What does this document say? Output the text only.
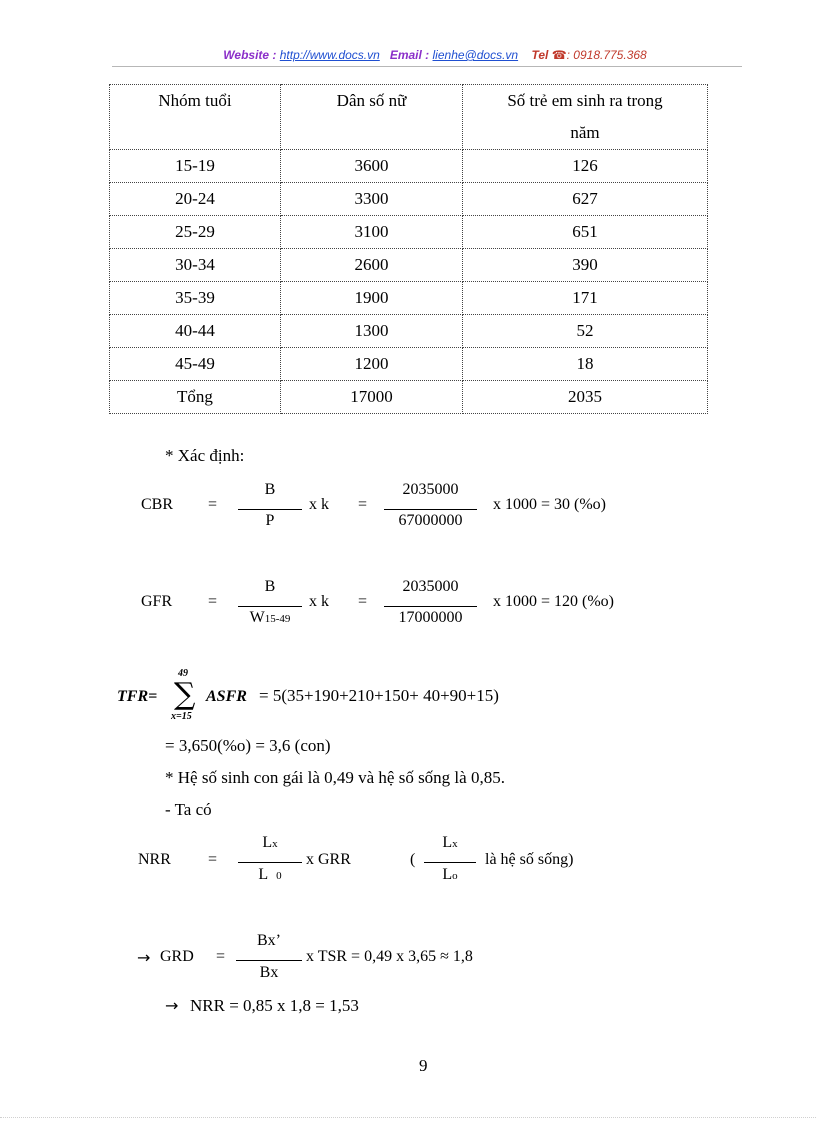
Website : http://www.docs.vn Email : lienhe@docs.vn Tel ☎: 0918.775.368
Nhóm tuổi	Dân số nữ	Số trẻ em sinh ra trong năm
15-19	3600	126
20-24	3300	627
25-29	3100	651
30-34	2600	390
35-39	1900	171
40-44	1300	52
45-49	1200	18
Tổng	17000	2035
* Xác định:
CBR =
B
P
x k =
2035000
67000000
x 1000 = 30 (%o)
GFR =
B
W15-49
x k =
2035000
17000000
x 1000 = 120 (%o)
TFR=
49
∑
x=15
ASFR = 5(35+190+210+150+ 40+90+15)
= 3,650(%o) = 3,6 (con)
* Hệ số sinh con gái là 0,49 và hệ số sống là 0,85.
- Ta có
NRR =
Lx
L 0
x GRR	(
Lx
Lo
là hệ số sống)
→ GRD =
Bx’
Bx
x TSR = 0,49 x 3,65 ≈ 1,8
→ NRR = 0,85 x 1,8 = 1,53
9
